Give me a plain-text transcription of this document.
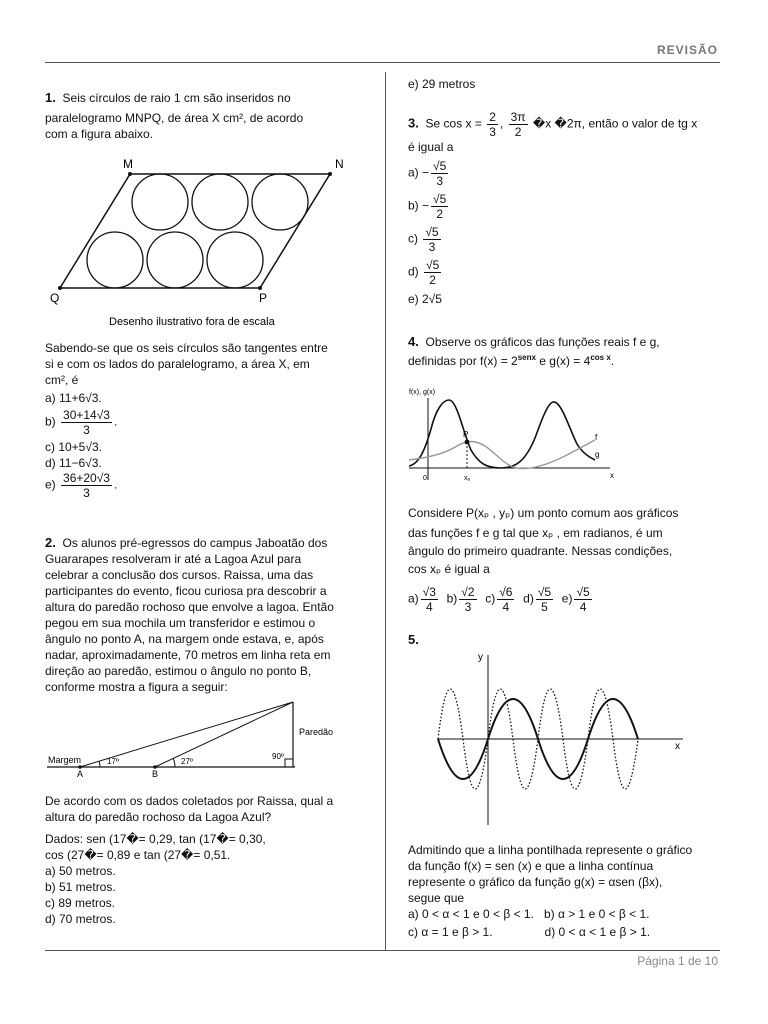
REVISÃO
Página 1 de 10
1. Seis círculos de raio 1 cm são inseridos no
paralelogramo MNPQ, de área X cm², de acordo
com a figura abaixo.
M	N
Q	P
Desenho ilustrativo fora de escala
Sabendo-se que os seis círculos são tangentes entre
si e com os lados do paralelogramo, a área X, em
cm², é
a) 11+6√3.
$b) \frac{30+14√3}{3}$ .
c) 10+5√3.
d) 11−6√3.
$e) \frac{36+20√3}{3}$ .
2. Os alunos pré-egressos do campus Jaboatão dos
Guararapes resolveram ir até a Lagoa Azul para
celebrar a conclusão dos cursos. Raissa, uma das
participantes do evento, ficou curiosa pra descobrir a
altura do paredão rochoso que envolve a lagoa. Então
pegou em sua mochila um transferidor e estimou o
ângulo no ponto A, na margem onde estava, e, após
nadar, aproximadamente, 70 metros em linha reta em
direção ao paredão, estimou o ângulo no ponto B,
conforme mostra a figura a seguir:
Margem
A	B
17º	27º
90º
Paredão
De acordo com os dados coletados por Raissa, qual a
altura do paredão rochoso da Lagoa Azul?
Dados: sen (17�= 0,29, tan (17�= 0,30,
cos (27�= 0,89 e tan (27�= 0,51.
a) 50 metros.
b) 51 metros.
c) 89 metros.
d) 70 metros.
e) 29 metros
3. Se $\cos x = \frac{2}{3}$ , $\frac{3\pi}{2}$ �x �2π, então o valor de tg x
é igual a
$a) - \frac{√5}{3}$
$b) - \frac{√5}{2}$
$c) \frac{√5}{3}$
$d) \frac{√5}{2}$
e) 2√5
4. Observe os gráficos das funções reais f e g,
definidas por $f(x) = 2^{senx}$ e $g(x) = 4^{cos x}$.
f(x), g(x)
P	f
g
x
0	xₚ
Considere P(xₚ , yₚ) um ponto comum aos gráficos
das funções f e g tal que xₚ , em radianos, é um
ângulo do primeiro quadrante. Nessas condições,
cos xₚ é igual a
$a) \frac{√3}{4} b) \frac{√2}{3} c) \frac{√6}{4} d) \frac{√5}{5} e) \frac{√5}{4}$
5.
y
x
Admitindo que a linha pontilhada represente o gráfico
da função f(x) = sen (x) e que a linha contínua
represente o gráfico da função g(x) = αsen (βx),
segue que
a) 0 < α < 1 e 0 < β < 1. b) α > 1 e 0 < β < 1.
c) α = 1 e β > 1.	d) 0 < α < 1 e β > 1.
